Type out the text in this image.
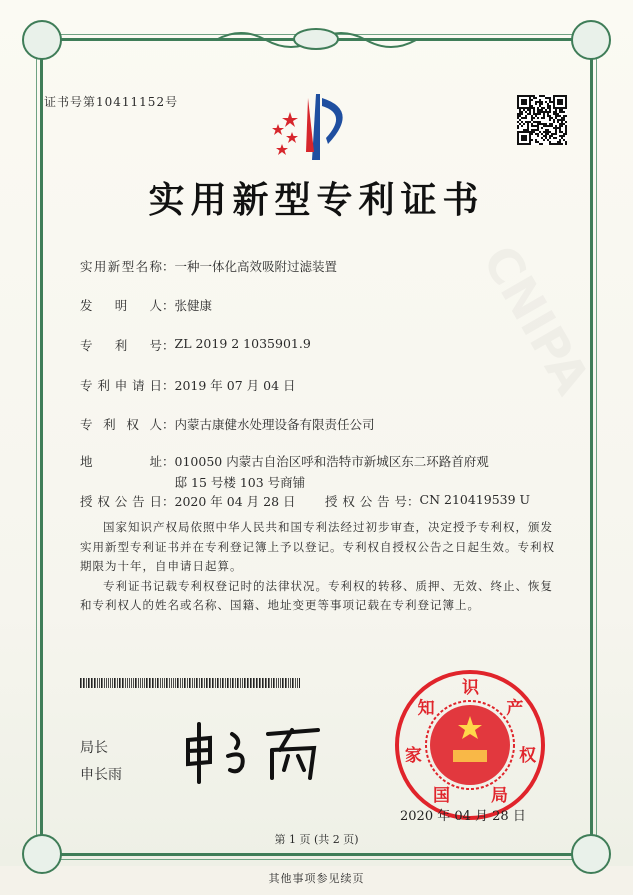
证书号第10411152号
实用新型专利证书
实用新型名称 ： 一种一体化高效吸附过滤装置
发明人 ： 张健康
专利号 ： ZL 2019 2 1035901.9
专利申请日 ： 2019 年 07 月 04 日
专利权人 ： 内蒙古康健水处理设备有限责任公司
地址 ： 010050 内蒙古自治区呼和浩特市新城区东二环路首府观
邸 15 号楼 103 号商铺
授权公告日 ： 2020 年 04 月 28 日 授权公告号 ： CN 210419539 U

国家知识产权局依照中华人民共和国专利法经过初步审查，决定授予专利权，颁发实用新型专利证书并在专利登记簿上予以登记。专利权自授权公告之日起生效。专利权期限为十年，自申请日起算。

专利证书记载专利权登记时的法律状况。专利权的转移、质押、无效、终止、恢复和专利权人的姓名或名称、国籍、地址变更等事项记载在专利登记簿上。

局长
申长雨
国
家
知
识
产
权
局
2020 年 04 月 28 日
第 1 页 (共 2 页)
其他事项参见续页
